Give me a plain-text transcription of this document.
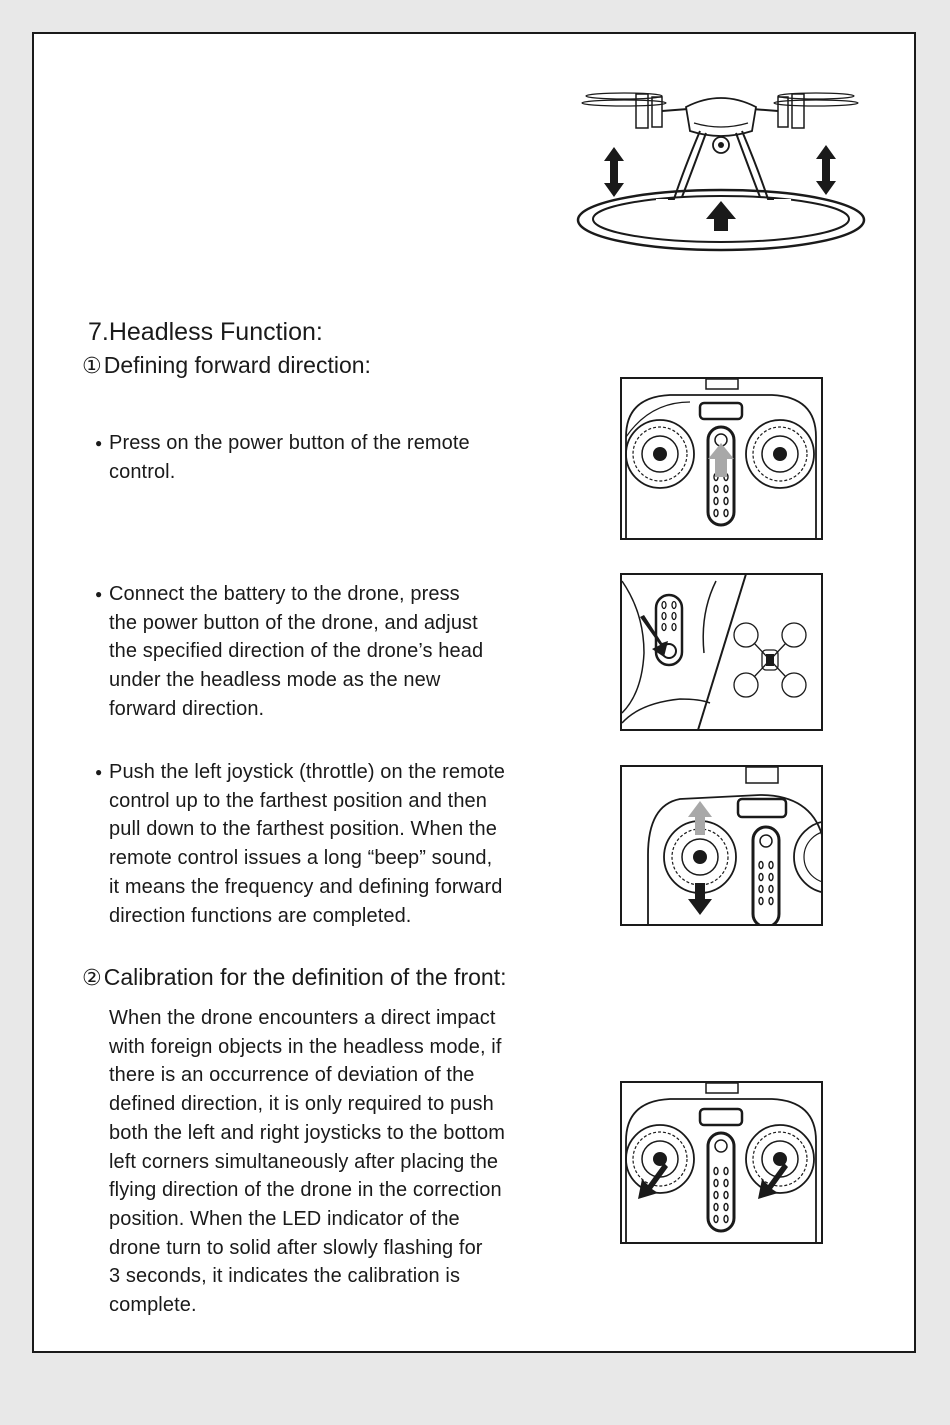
7.Headless Function:
①Defining forward direction:
● Press on the power button of the remote
control.
● Connect the battery to the drone, press
the power button of the drone, and adjust
the specified direction of the drone’s head
under the headless mode as the new
forward direction.
● Push the left joystick (throttle) on the remote
control up to the farthest position and then
pull down to the farthest position. When the
remote control issues a long “beep” sound,
it means the frequency and defining forward
direction functions are completed.
②Calibration for the definition of the front:
When the drone encounters a direct impact
with foreign objects in the headless mode, if
there is an occurrence of deviation of the
defined direction, it is only required to push
both the left and right joysticks to the bottom
left corners simultaneously after placing the
flying direction of the drone in the correction
position. When the LED indicator of the
drone turn to solid after slowly flashing for
3 seconds, it indicates the calibration is
complete.
